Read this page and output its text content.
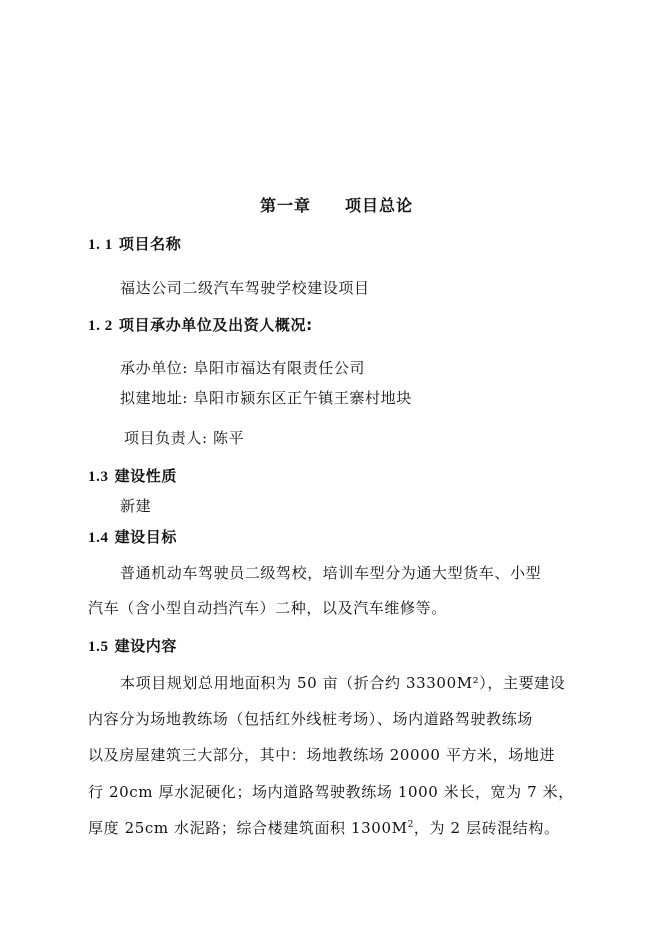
第一章 项目总论
1. 1 项目名称
福达公司二级汽车驾驶学校建设项目
1. 2 项目承办单位及出资人概况:
承办单位: 阜阳市福达有限责任公司
拟建地址: 阜阳市颍东区正午镇王寨村地块
项目负责人: 陈平
1.3 建设性质
新建
1.4 建设目标
普通机动车驾驶员二级驾校，培训车型分为通大型货车、小型
汽车（含小型自动挡汽车）二种，以及汽车维修等。
1.5 建设内容
本项目规划总用地面积为 50 亩（折合约 33300M²），主要建设
内容分为场地教练场（包括红外线桩考场）、场内道路驾驶教练场
以及房屋建筑三大部分，其中：场地教练场 20000 平方米，场地进
行 20cm 厚水泥硬化；场内道路驾驶教练场 1000 米长，宽为 7 米，
厚度 25cm 水泥路；综合楼建筑面积 $1300M^2$，为 2 层砖混结构。
